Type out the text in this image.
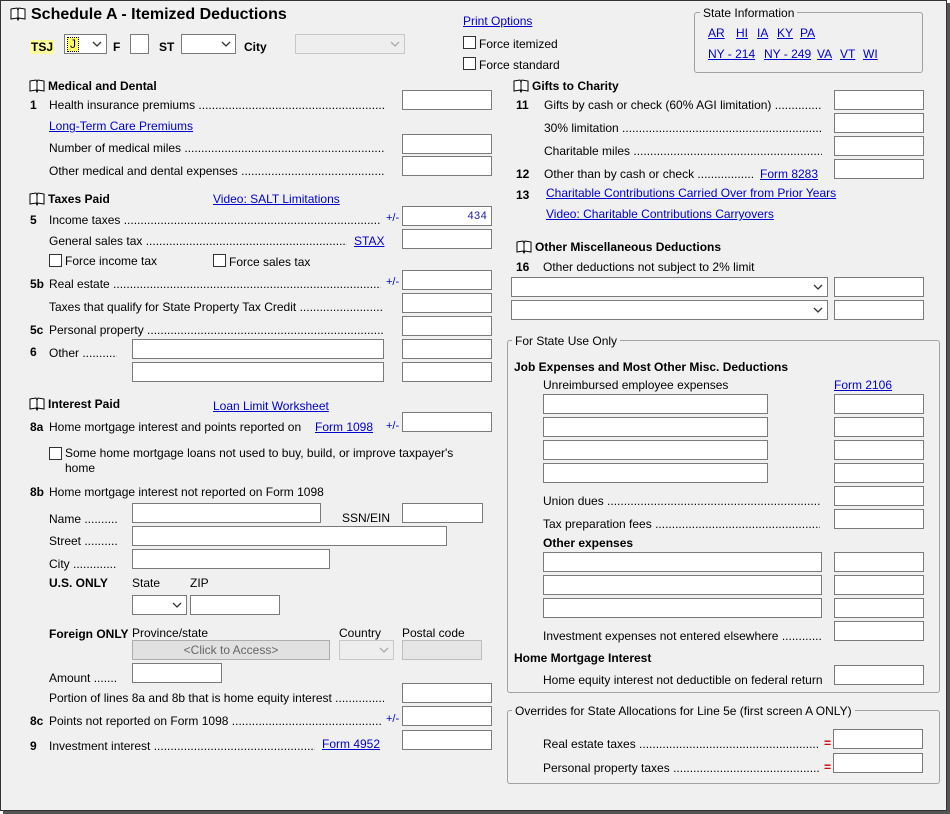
Schedule A - Itemized Deductions
TSJ J	F	ST	City
Print Options
Force itemized
Force standard
State Information
AR HI IA KY PA
NY - 214 NY - 249 VA VT WI
Medical and Dental
1 Health insurance premiums .....
Long-Term Care Premiums
Number of medical miles .....
Other medical and dental expenses .....
Taxes Paid	Video: SALT Limitations
5 Income taxes .....	+/-	434
General sales tax .....	STAX
Force income tax	Force sales tax
5b Real estate .....	+/-
Taxes that qualify for State Property Tax Credit .....
5c Personal property .....
6 Other .....
Interest Paid	Loan Limit Worksheet
8a Home mortgage interest and points reported on Form 1098 +/-
Some home mortgage loans not used to buy, build, or improve taxpayer's
home
8b Home mortgage interest not reported on Form 1098
Name .....	SSN/EIN
Street .....
City .....
U.S. ONLY State ZIP
Foreign ONLY Province/state	Country Postal code
<Click to Access>
Amount .....
Portion of lines 8a and 8b that is home equity interest .....
8c Points not reported on Form 1098 .....	+/-
9 Investment interest .....	Form 4952
Gifts to Charity
11 Gifts by cash or check (60% AGI limitation) .....
30% limitation .....
Charitable miles .....
12 Other than by cash or check .....	Form 8283
13 Charitable Contributions Carried Over from Prior Years
Video: Charitable Contributions Carryovers
Other Miscellaneous Deductions
16 Other deductions not subject to 2% limit
For State Use Only
Job Expenses and Most Other Misc. Deductions
Unreimbursed employee expenses	Form 2106
Union dues .....
Tax preparation fees .....
Other expenses
Investment expenses not entered elsewhere .....
Home Mortgage Interest
Home equity interest not deductible on federal return
Overrides for State Allocations for Line 5e (first screen A ONLY)
Real estate taxes .....	=
Personal property taxes .....	=
